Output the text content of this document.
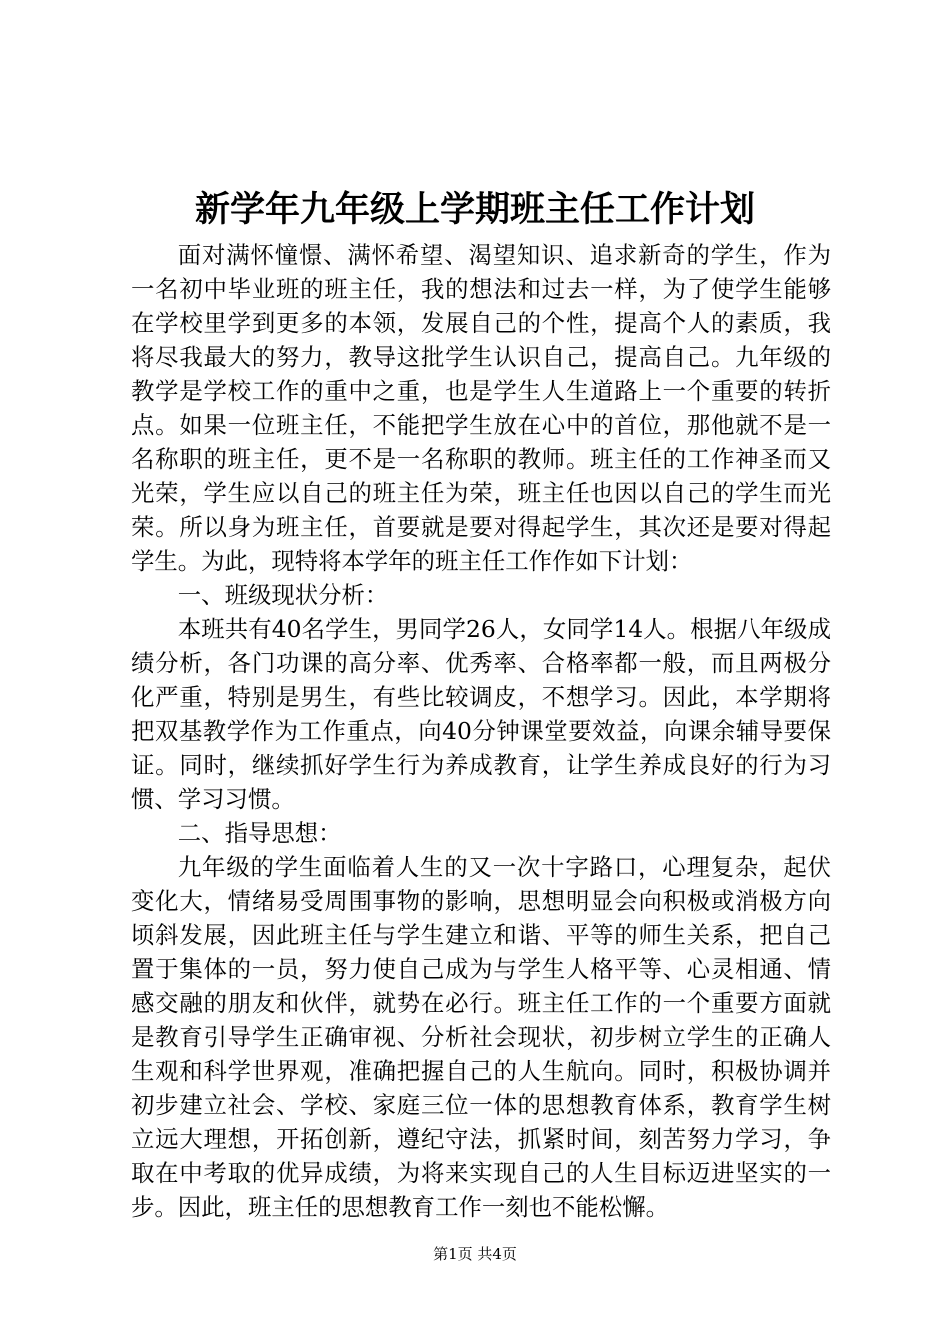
新学年九年级上学期班主任工作计划

面对满怀憧憬、满怀希望、渴望知识、追求新奇的学生，作为一名初中毕业班的班主任，我的想法和过去一样，为了使学生能够在学校里学到更多的本领，发展自己的个性，提高个人的素质，我将尽我最大的努力，教导这批学生认识自己，提高自己。九年级的教学是学校工作的重中之重，也是学生人生道路上一个重要的转折点。如果一位班主任，不能把学生放在心中的首位，那他就不是一名称职的班主任，更不是一名称职的教师。班主任的工作神圣而又光荣，学生应以自己的班主任为荣，班主任也因以自己的学生而光荣。所以身为班主任，首要就是要对得起学生，其次还是要对得起学生。为此，现特将本学年的班主任工作作如下计划：

一、班级现状分析：

本班共有40名学生，男同学26人，女同学14人。根据八年级成绩分析，各门功课的高分率、优秀率、合格率都一般，而且两极分化严重，特别是男生，有些比较调皮，不想学习。因此，本学期将把双基教学作为工作重点，向40分钟课堂要效益，向课余辅导要保证。同时，继续抓好学生行为养成教育，让学生养成良好的行为习惯、学习习惯。

二、指导思想：

九年级的学生面临着人生的又一次十字路口，心理复杂，起伏变化大，情绪易受周围事物的影响，思想明显会向积极或消极方向顷斜发展，因此班主任与学生建立和谐、平等的师生关系，把自己置于集体的一员，努力使自己成为与学生人格平等、心灵相通、情感交融的朋友和伙伴，就势在必行。班主任工作的一个重要方面就是教育引导学生正确审视、分析社会现状，初步树立学生的正确人生观和科学世界观，准确把握自己的人生航向。同时，积极协调并初步建立社会、学校、家庭三位一体的思想教育体系，教育学生树立远大理想，开拓创新，遵纪守法，抓紧时间，刻苦努力学习，争取在中考取的优异成绩，为将来实现自己的人生目标迈进坚实的一步。因此，班主任的思想教育工作一刻也不能松懈。

第1页 共4页
